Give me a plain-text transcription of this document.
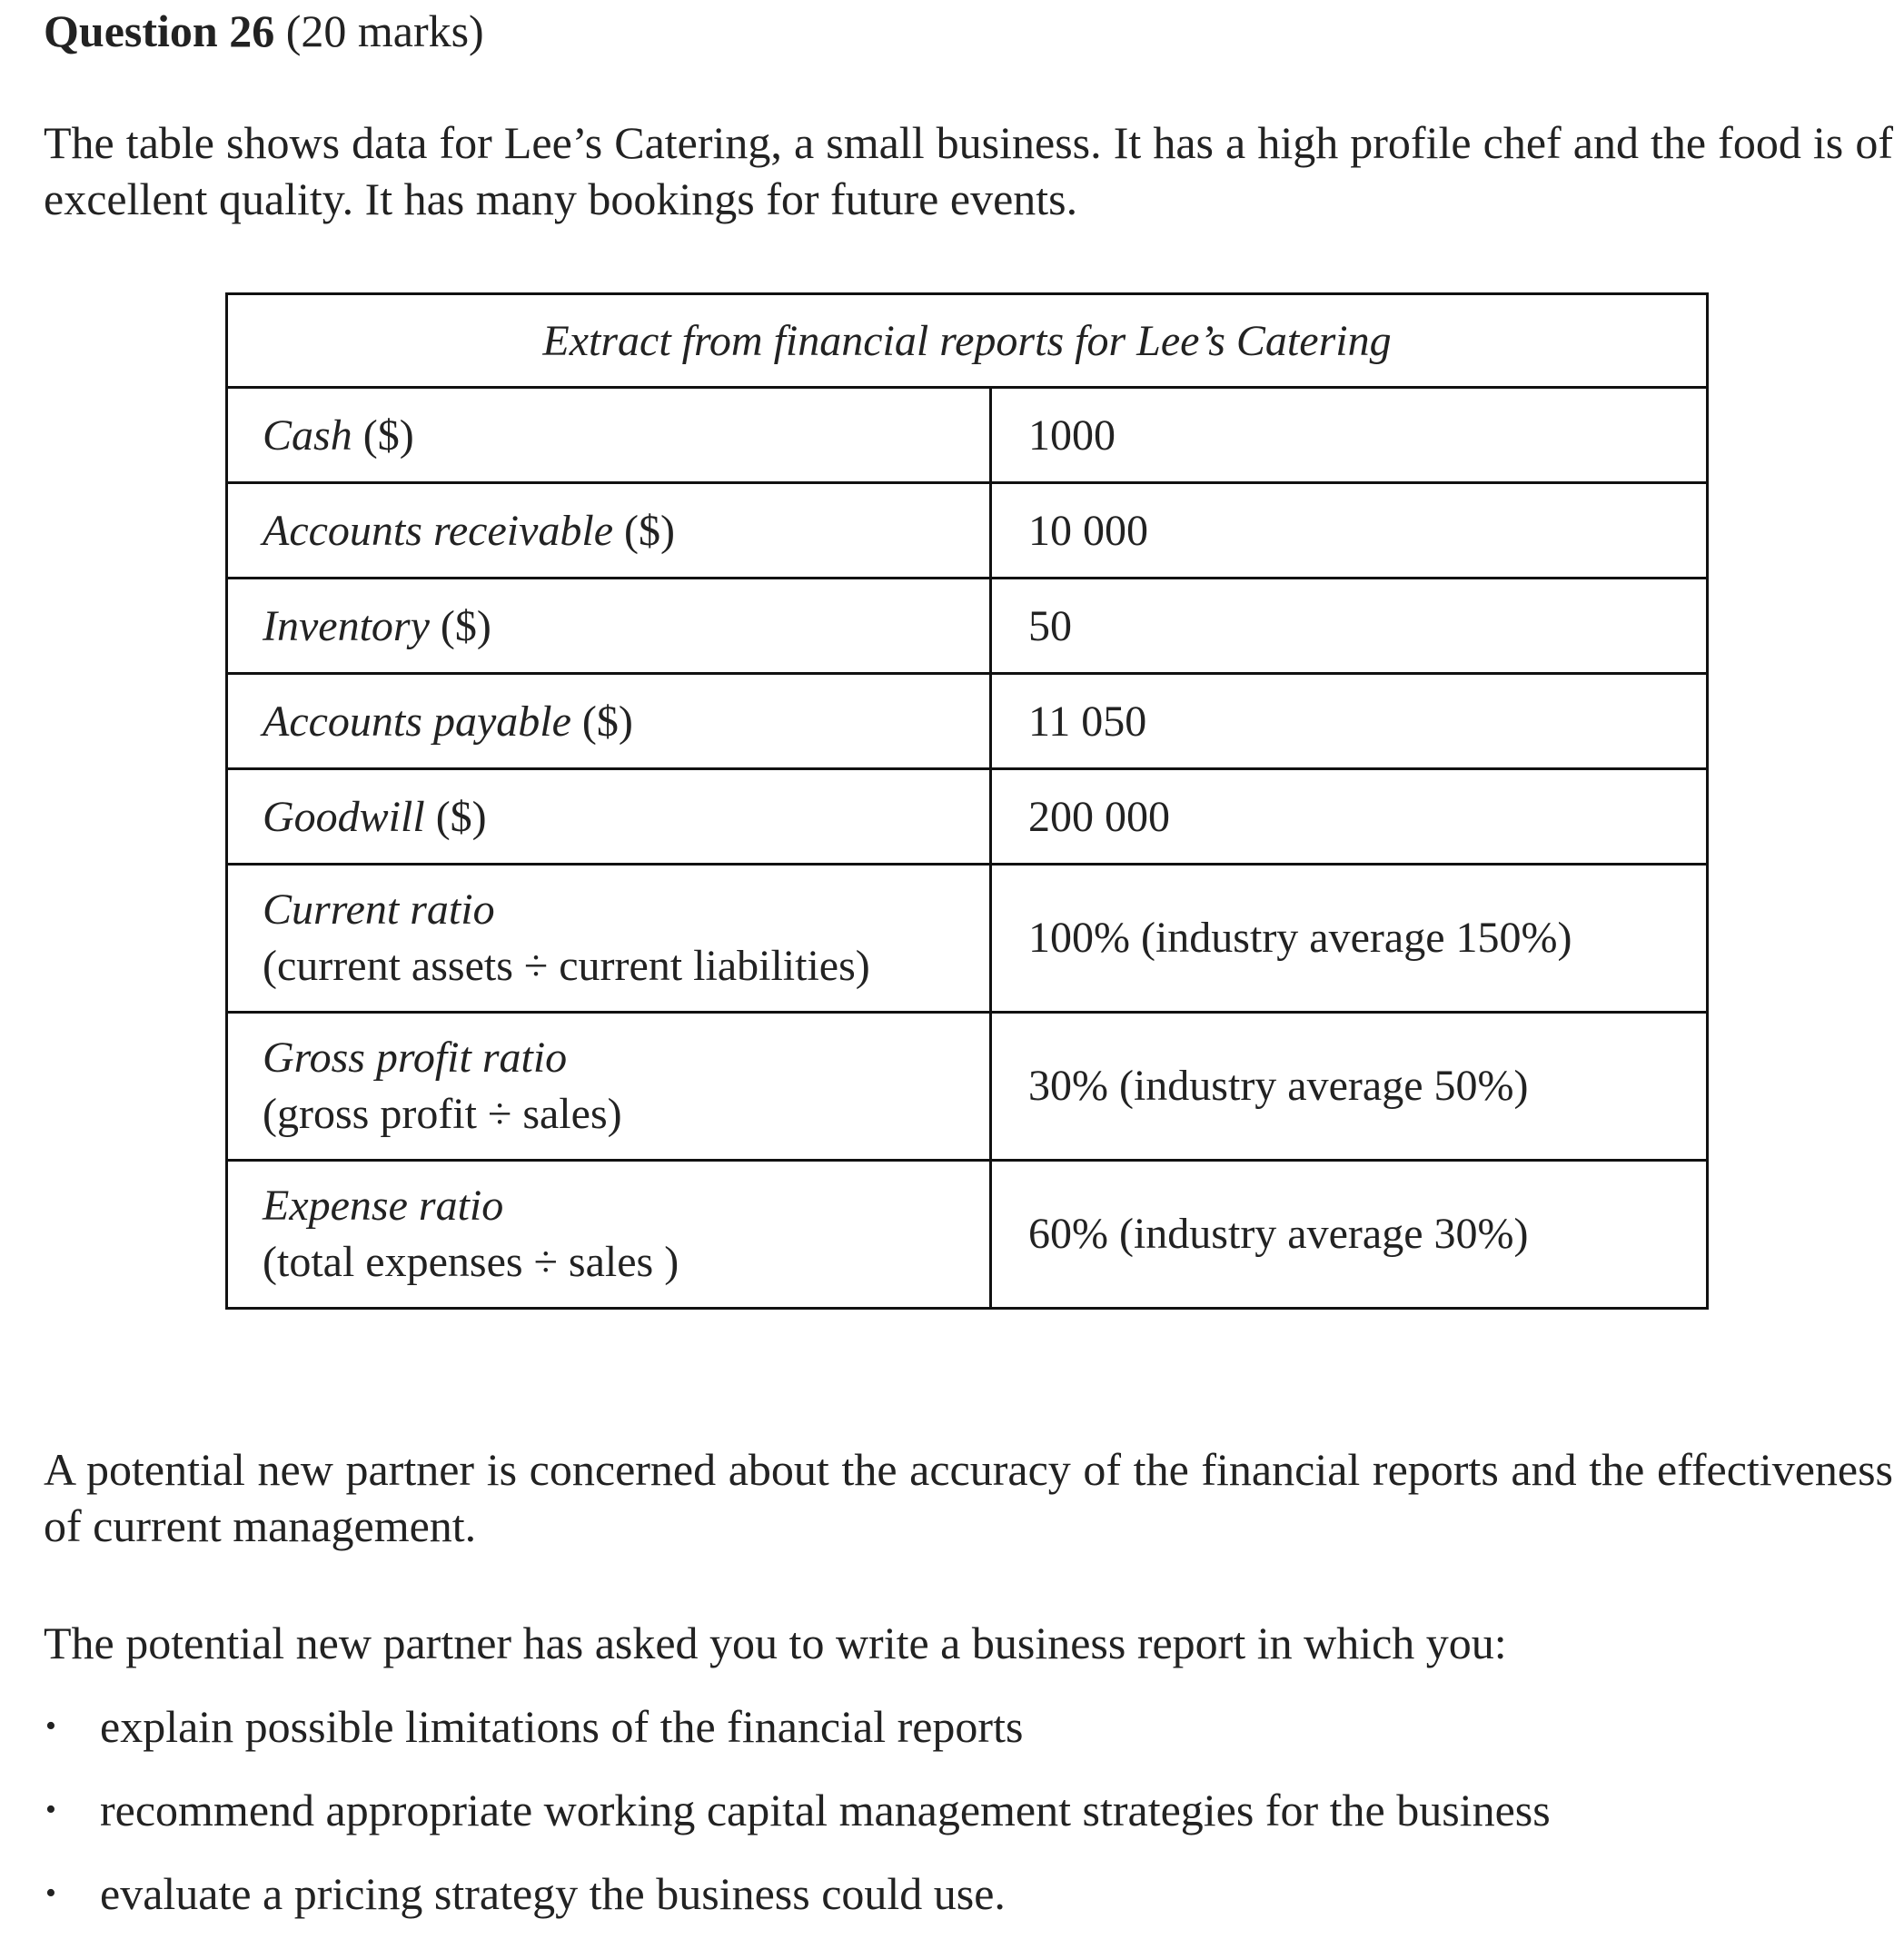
Question 26 (20 marks)
The table shows data for Lee’s Catering, a small business. It has a high profile chef and the food is of excellent quality. It has many bookings for future events.
Extract from financial reports for Lee’s Catering	
Cash ($)	1000
Accounts receivable ($)	10 000
Inventory ($)	50
Accounts payable ($)	11 050
Goodwill ($)	200 000
Current ratio
(current assets ÷ current liabilities)	100% (industry average 150%)
Gross profit ratio
(gross profit ÷ sales)	30% (industry average 50%)
Expense ratio
(total expenses ÷ sales )	60% (industry average 30%)
A potential new partner is concerned about the accuracy of the financial reports and the effectiveness of current management.
The potential new partner has asked you to write a business report in which you:
• explain possible limitations of the financial reports
• recommend appropriate working capital management strategies for the business
• evaluate a pricing strategy the business could use.
